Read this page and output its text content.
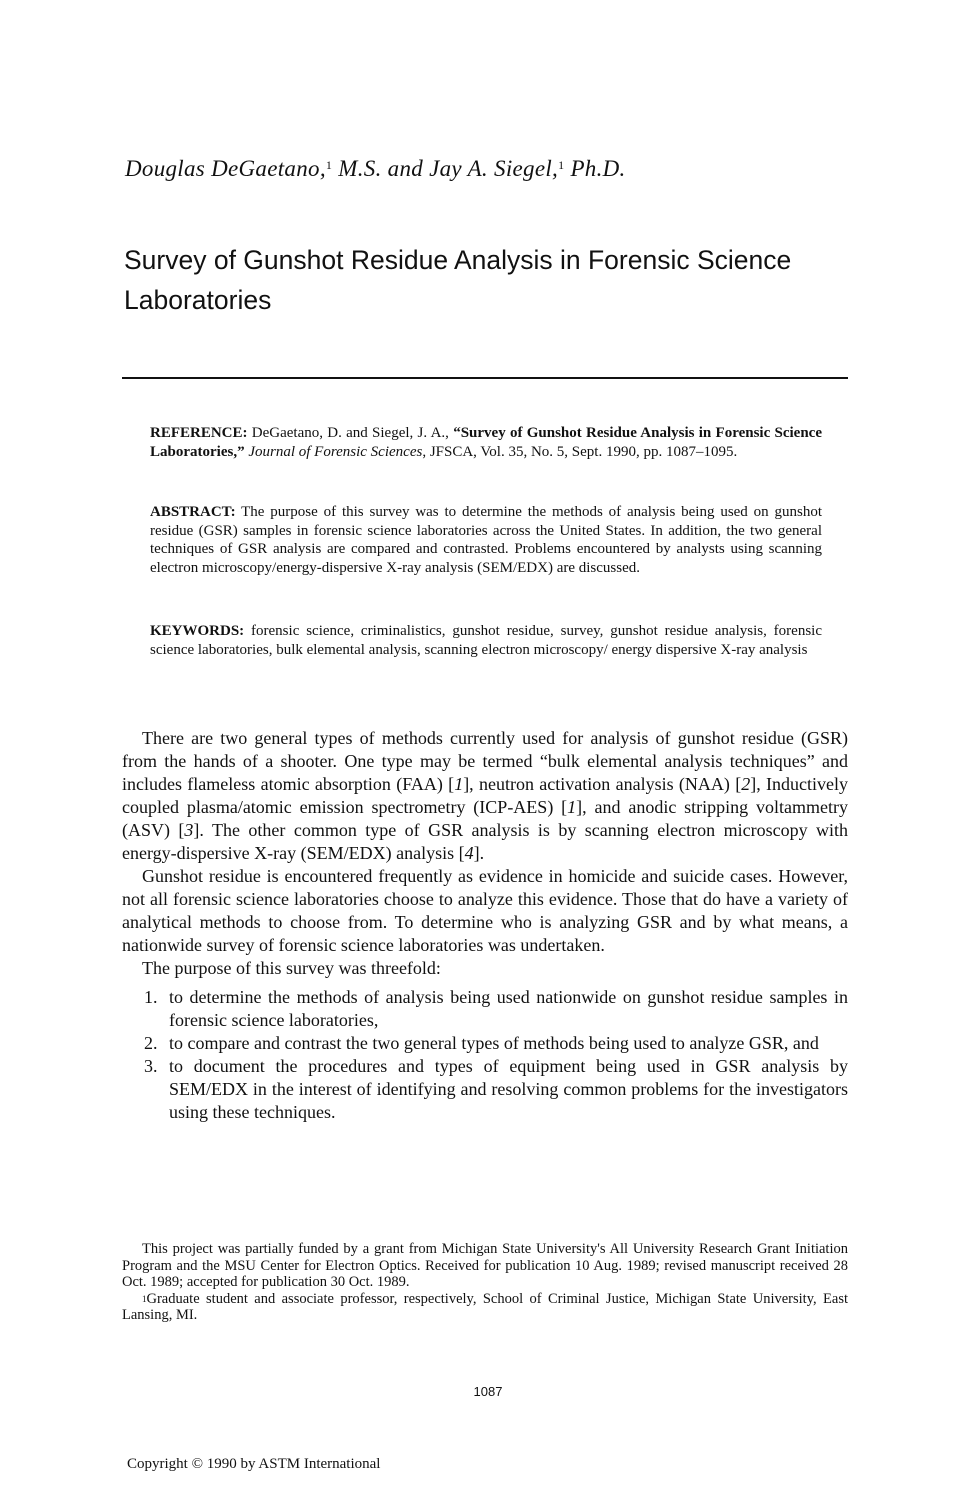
Douglas DeGaetano,$^1$ M.S. and Jay A. Siegel,$^1$ Ph.D.
Survey of Gunshot Residue Analysis in Forensic Science Laboratories
REFERENCE: DeGaetano, D. and Siegel, J. A., “Survey of Gunshot Residue Analysis in Forensic Science Laboratories,” Journal of Forensic Sciences, JFSCA, Vol. 35, No. 5, Sept. 1990, pp. 1087–1095.
ABSTRACT: The purpose of this survey was to determine the methods of analysis being used on gunshot residue (GSR) samples in forensic science laboratories across the United States. In addition, the two general techniques of GSR analysis are compared and contrasted. Problems encountered by analysts using scanning electron microscopy/energy-dispersive X-ray analysis (SEM/EDX) are discussed.
KEYWORDS: forensic science, criminalistics, gunshot residue, survey, gunshot residue analysis, forensic science laboratories, bulk elemental analysis, scanning electron microscopy/ energy dispersive X-ray analysis

There are two general types of methods currently used for analysis of gunshot residue (GSR) from the hands of a shooter. One type may be termed “bulk elemental analysis techniques” and includes flameless atomic absorption (FAA) [1], neutron activation analysis (NAA) [2], Inductively coupled plasma/atomic emission spectrometry (ICP-AES) [1], and anodic stripping voltammetry (ASV) [3]. The other common type of GSR analysis is by scanning electron microscopy with energy-dispersive X-ray (SEM/EDX) analysis [4].

Gunshot residue is encountered frequently as evidence in homicide and suicide cases. However, not all forensic science laboratories choose to analyze this evidence. Those that do have a variety of analytical methods to choose from. To determine who is analyzing GSR and by what means, a nationwide survey of forensic science laboratories was undertaken.

The purpose of this survey was threefold:

1. to determine the methods of analysis being used nationwide on gunshot residue samples in forensic science laboratories,
2. to compare and contrast the two general types of methods being used to analyze GSR, and
3. to document the procedures and types of equipment being used in GSR analysis by SEM/EDX in the interest of identifying and resolving common problems for the investigators using these techniques.

This project was partially funded by a grant from Michigan State University's All University Research Grant Initiation Program and the MSU Center for Electron Optics. Received for publication 10 Aug. 1989; revised manuscript received 28 Oct. 1989; accepted for publication 30 Oct. 1989.

$^1$Graduate student and associate professor, respectively, School of Criminal Justice, Michigan State University, East Lansing, MI.

1087
Copyright © 1990 by ASTM International
